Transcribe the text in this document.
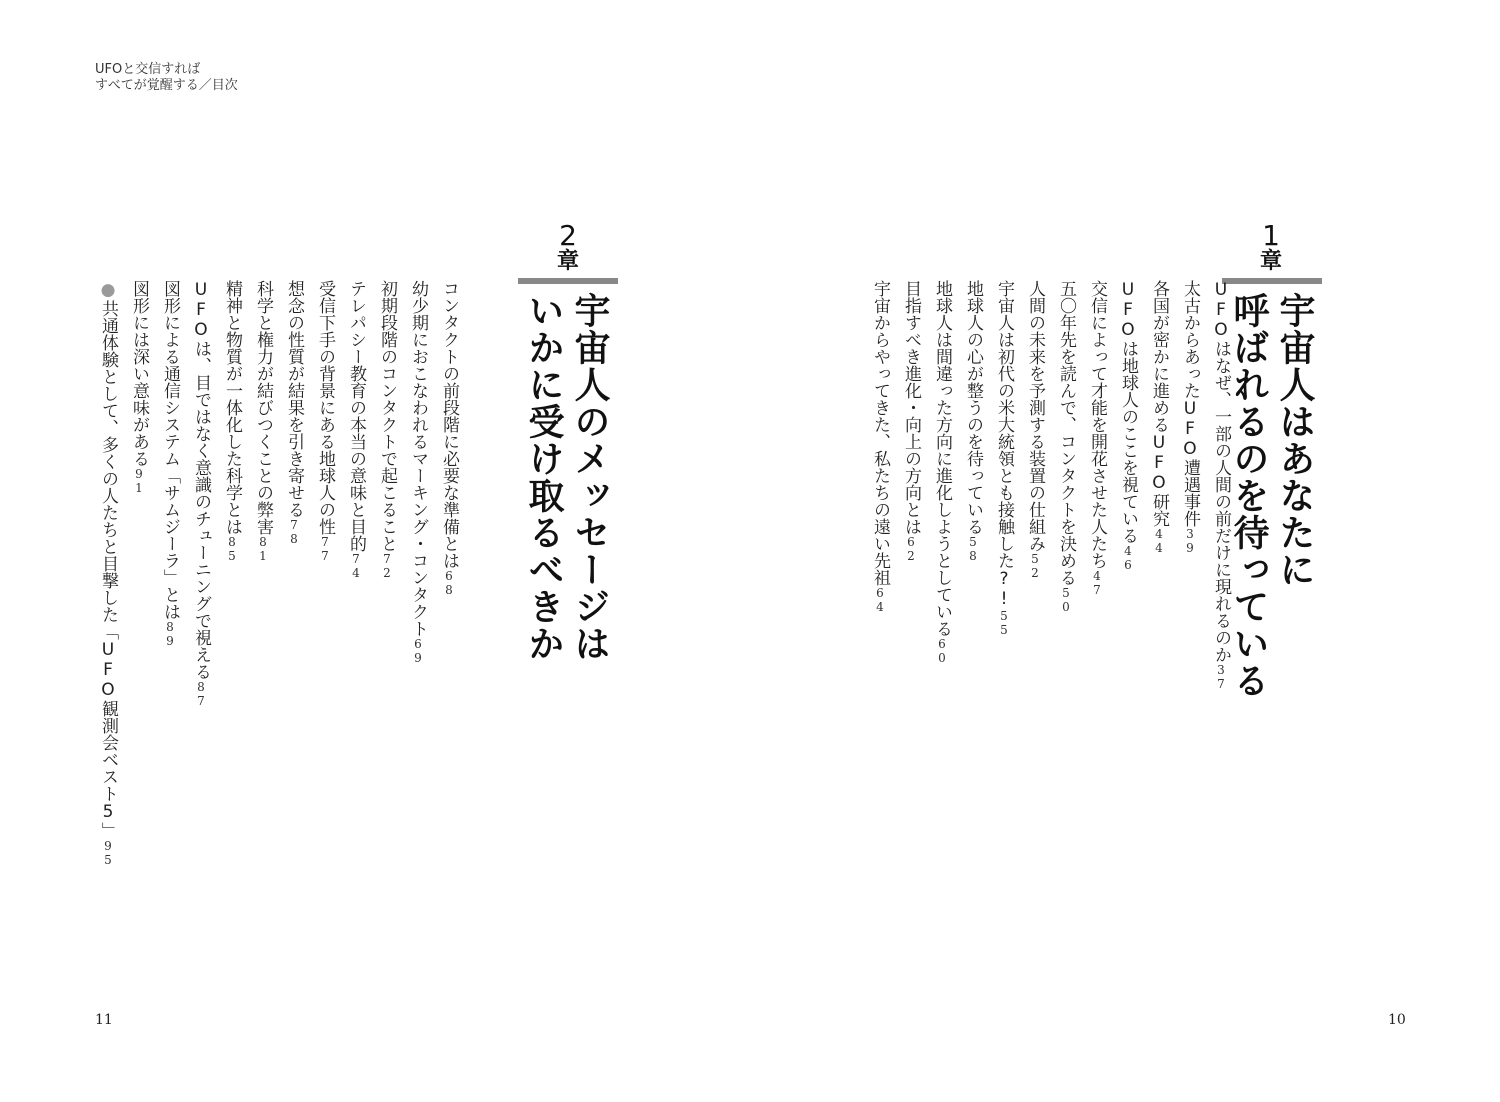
UFOと交信すれば
すべてが覚醒する／目次
1
章
宇宙人はあなたに
呼ばれるのを待っている
UFOはなぜ、一部の人間の前だけに現れるのか37
太古からあったUFO遭遇事件39
各国が密かに進めるUFO研究44
UFOは地球人のここを視ている46
交信によって才能を開花させた人たち47
五〇年先を読んで、コンタクトを決める50
人間の未来を予測する装置の仕組み52
宇宙人は初代の米大統領とも接触した?!55
地球人の心が整うのを待っている58
地球人は間違った方向に進化しようとしている60
目指すべき進化・向上の方向とは62
宇宙からやってきた、私たちの遠い先祖64
2
章
宇宙人のメッセージは
いかに受け取るべきか
コンタクトの前段階に必要な準備とは68
幼少期におこなわれるマーキング・コンタクト69
初期段階のコンタクトで起こること72
テレパシー教育の本当の意味と目的74
受信下手の背景にある地球人の性77
想念の性質が結果を引き寄せる78
科学と権力が結びつくことの弊害81
精神と物質が一体化した科学とは85
UFOは、目ではなく意識のチューニングで視える87
図形による通信システム「サムジーラ」とは89
図形には深い意味がある91
●共通体験として、多くの人たちと目撃した「UFO観測会ベスト5」95
11	10
